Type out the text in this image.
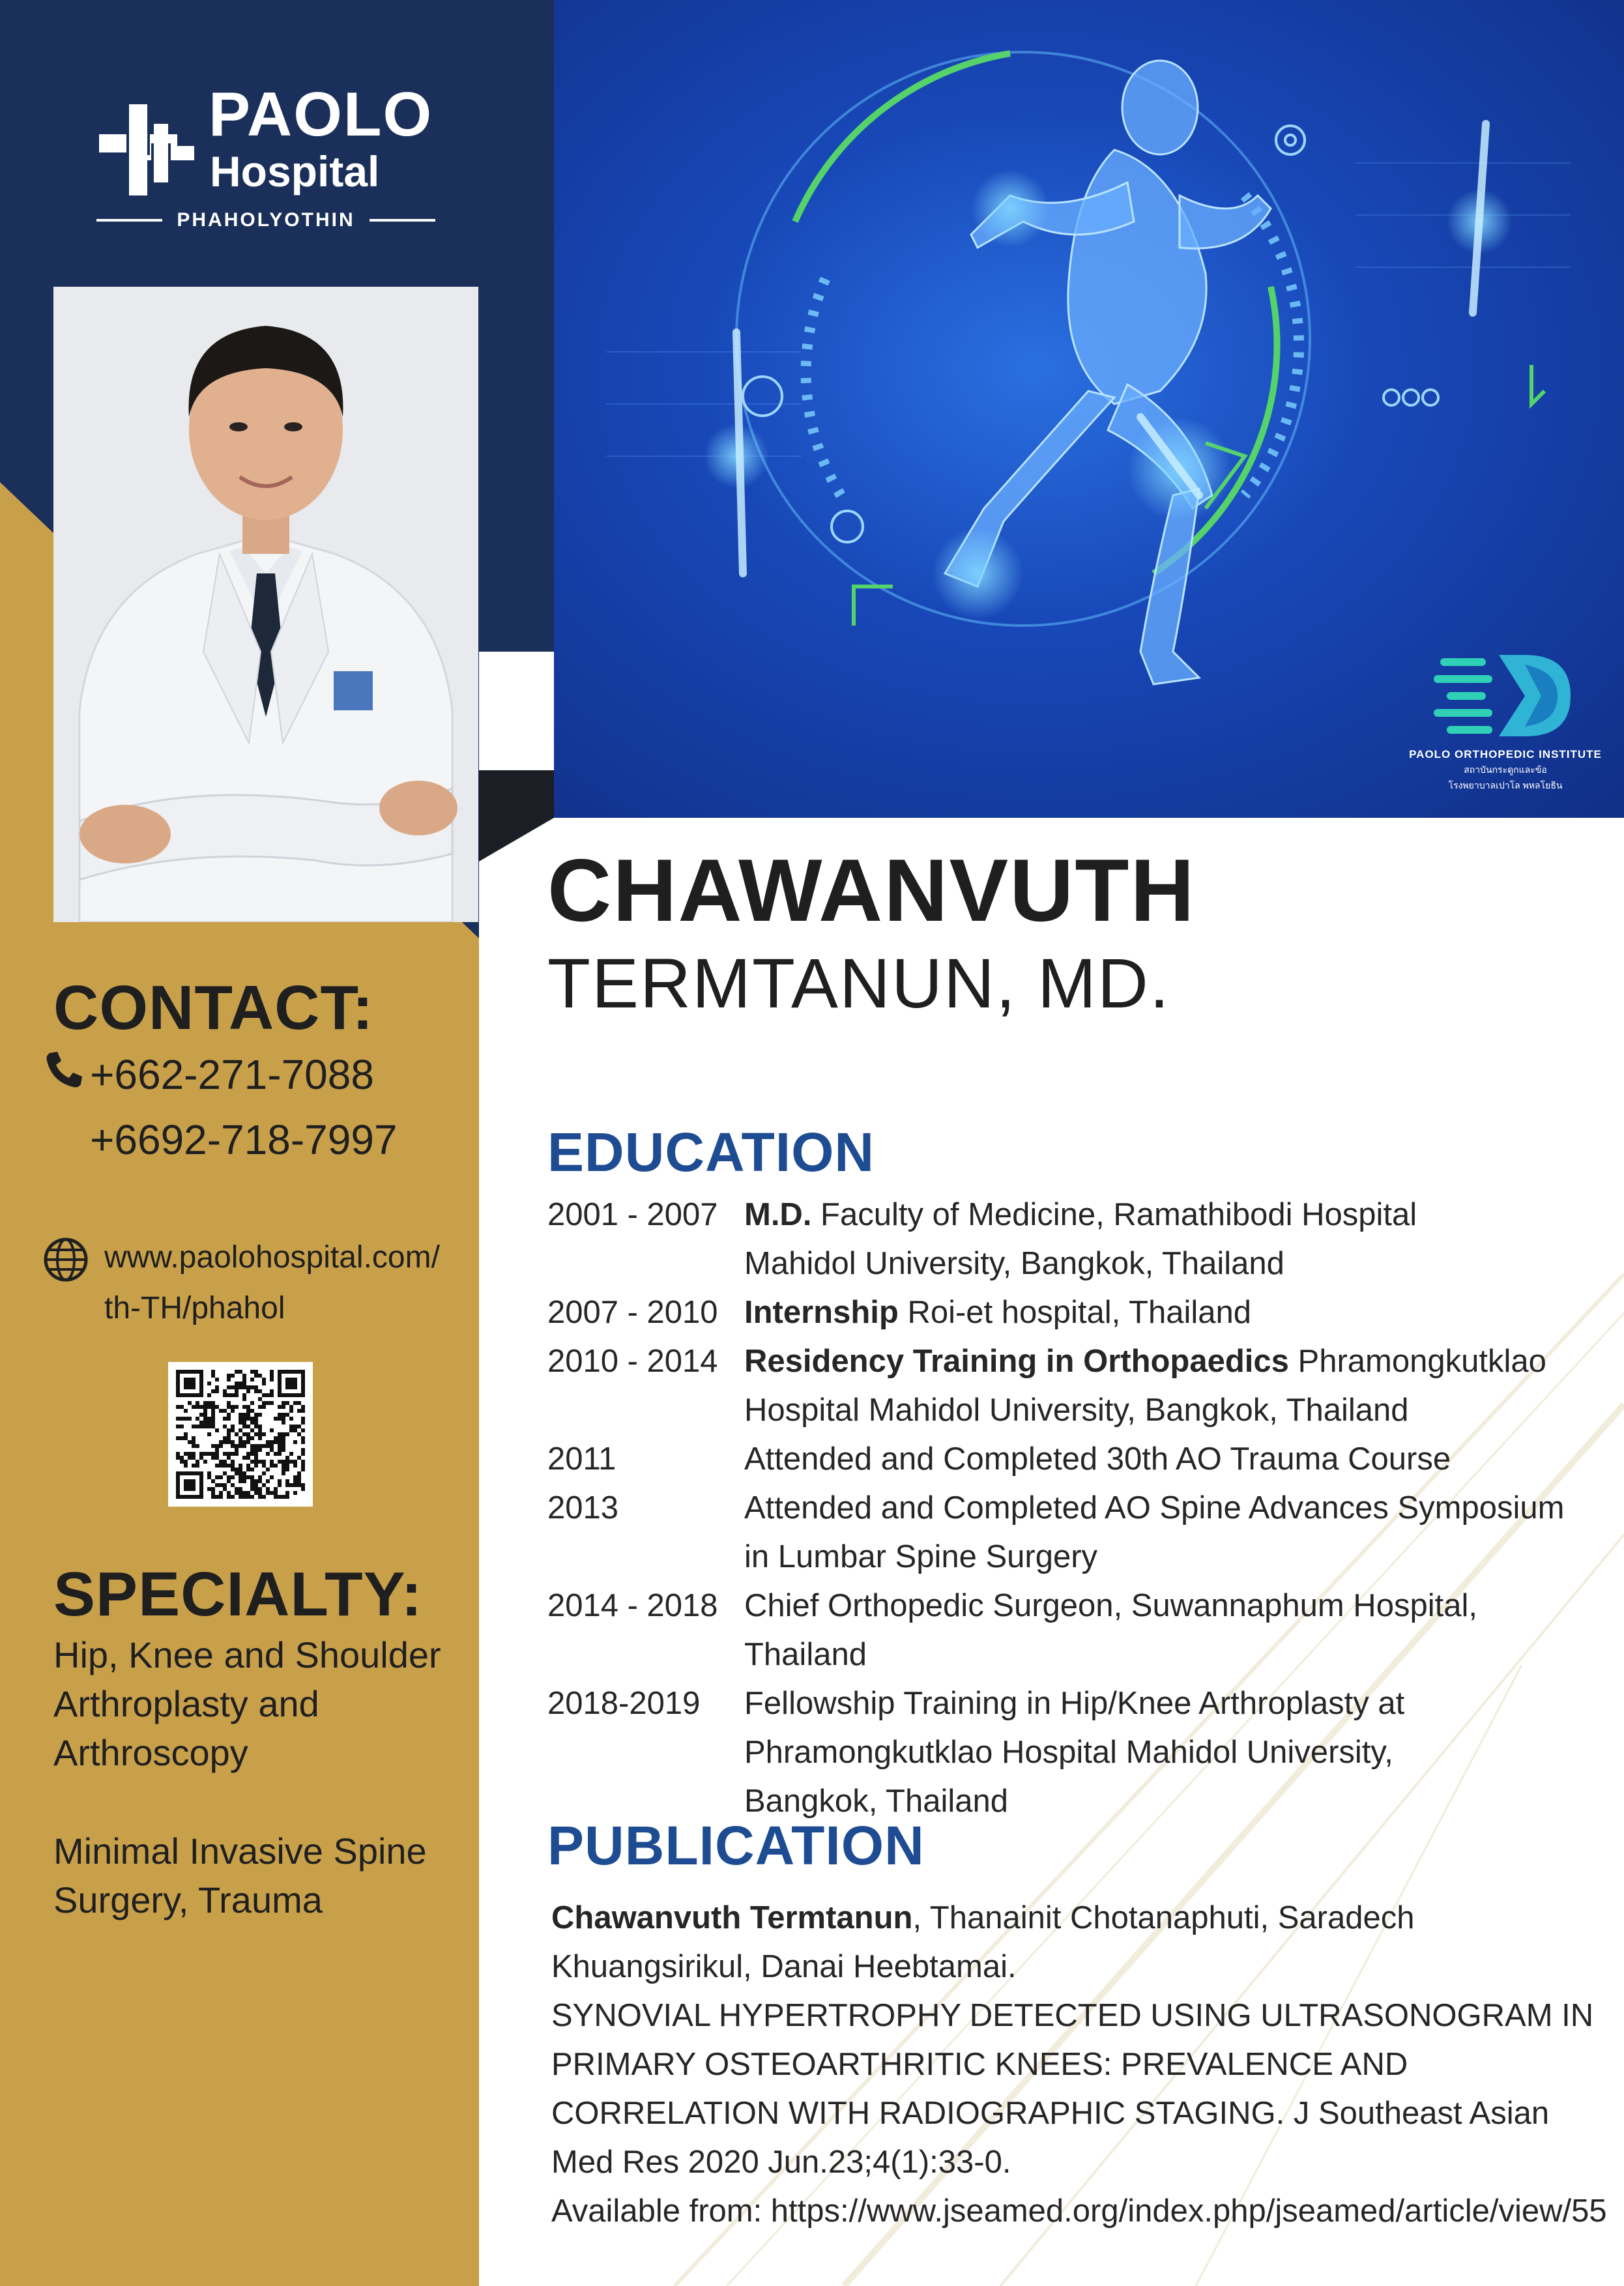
PAOLO
Hospital
PHAHOLYOTHIN
CONTACT:
+662-271-7088
+6692-718-7997
www.paolohospital.com/
th-TH/phahol
SPECIALTY:
Hip, Knee and Shoulder Arthroplasty and Arthroscopy
Minimal Invasive Spine Surgery, Trauma
PAOLO ORTHOPEDIC INSTITUTE
สถาบันกระดูกและข้อ
โรงพยาบาลเปาโล พหลโยธิน
CHAWANVUTH
TERMTANUN, MD.
EDUCATION
2001 - 2007 M.D. Faculty of Medicine, Ramathibodi Hospital
Mahidol University, Bangkok, Thailand
2007 - 2010 Internship Roi-et hospital, Thailand
2010 - 2014 Residency Training in Orthopaedics Phramongkutklao
Hospital Mahidol University, Bangkok, Thailand
2011	Attended and Completed 30th AO Trauma Course
2013	Attended and Completed AO Spine Advances Symposium
in Lumbar Spine Surgery
2014 - 2018 Chief Orthopedic Surgeon, Suwannaphum Hospital, Thailand
2018-2019	Fellowship Training in Hip/Knee Arthroplasty at
Phramongkutklao Hospital Mahidol University,
Bangkok, Thailand
PUBLICATION
Chawanvuth Termtanun, Thanainit Chotanaphuti, Saradech Khuangsirikul, Danai Heebtamai.
SYNOVIAL HYPERTROPHY DETECTED USING ULTRASONOGRAM IN PRIMARY OSTEOARTHRITIC KNEES: PREVALENCE AND CORRELATION WITH RADIOGRAPHIC STAGING. J Southeast Asian Med Res 2020 Jun.23;4(1):33-0.
Available from: https://www.jseamed.org/index.php/jseamed/article/view/55
